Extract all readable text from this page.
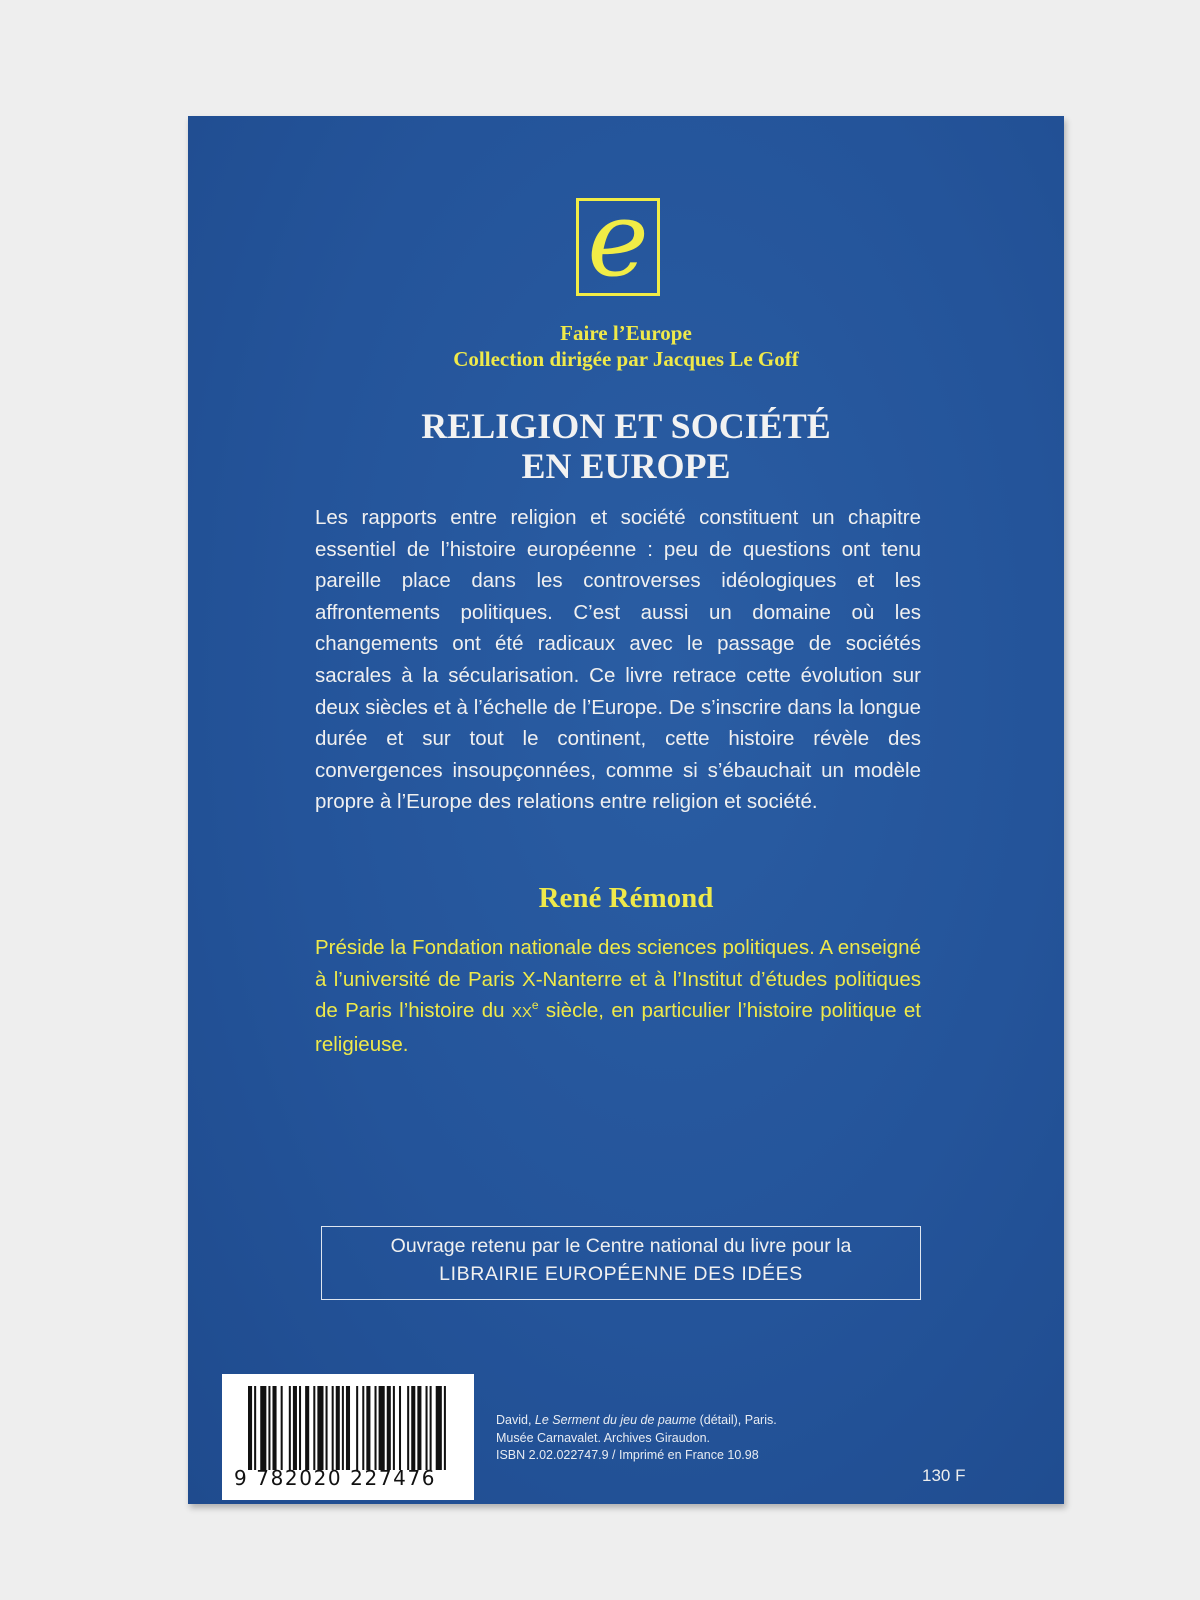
e
Faire l’Europe
Collection dirigée par Jacques Le Goff
RELIGION ET SOCIÉTÉ
EN EUROPE

Les rapports entre religion et société constituent un chapitre essentiel de l’histoire européenne : peu de questions ont tenu pareille place dans les controverses idéologiques et les affrontements politiques. C’est aussi un domaine où les changements ont été radicaux avec le passage de sociétés sacrales à la sécularisation. Ce livre retrace cette évolution sur deux siècles et à l’échelle de l’Europe. De s’inscrire dans la longue durée et sur tout le continent, cette histoire révèle des convergences insoupçonnées, comme si s’ébauchait un modèle propre à l’Europe des relations entre religion et société.

René Rémond

Préside la Fondation nationale des sciences politiques. A enseigné à l’université de Paris X-Nanterre et à l’Institut d’études politiques de Paris l’histoire du XXe siècle, en particulier l’histoire politique et religieuse.

Ouvrage retenu par le Centre national du livre pour la
LIBRAIRIE EUROPÉENNE DES IDÉES
9 782020 227476
David, Le Serment du jeu de paume (détail), Paris.
Musée Carnavalet. Archives Giraudon.
ISBN 2.02.022747.9 / Imprimé en France 10.98
130 F
